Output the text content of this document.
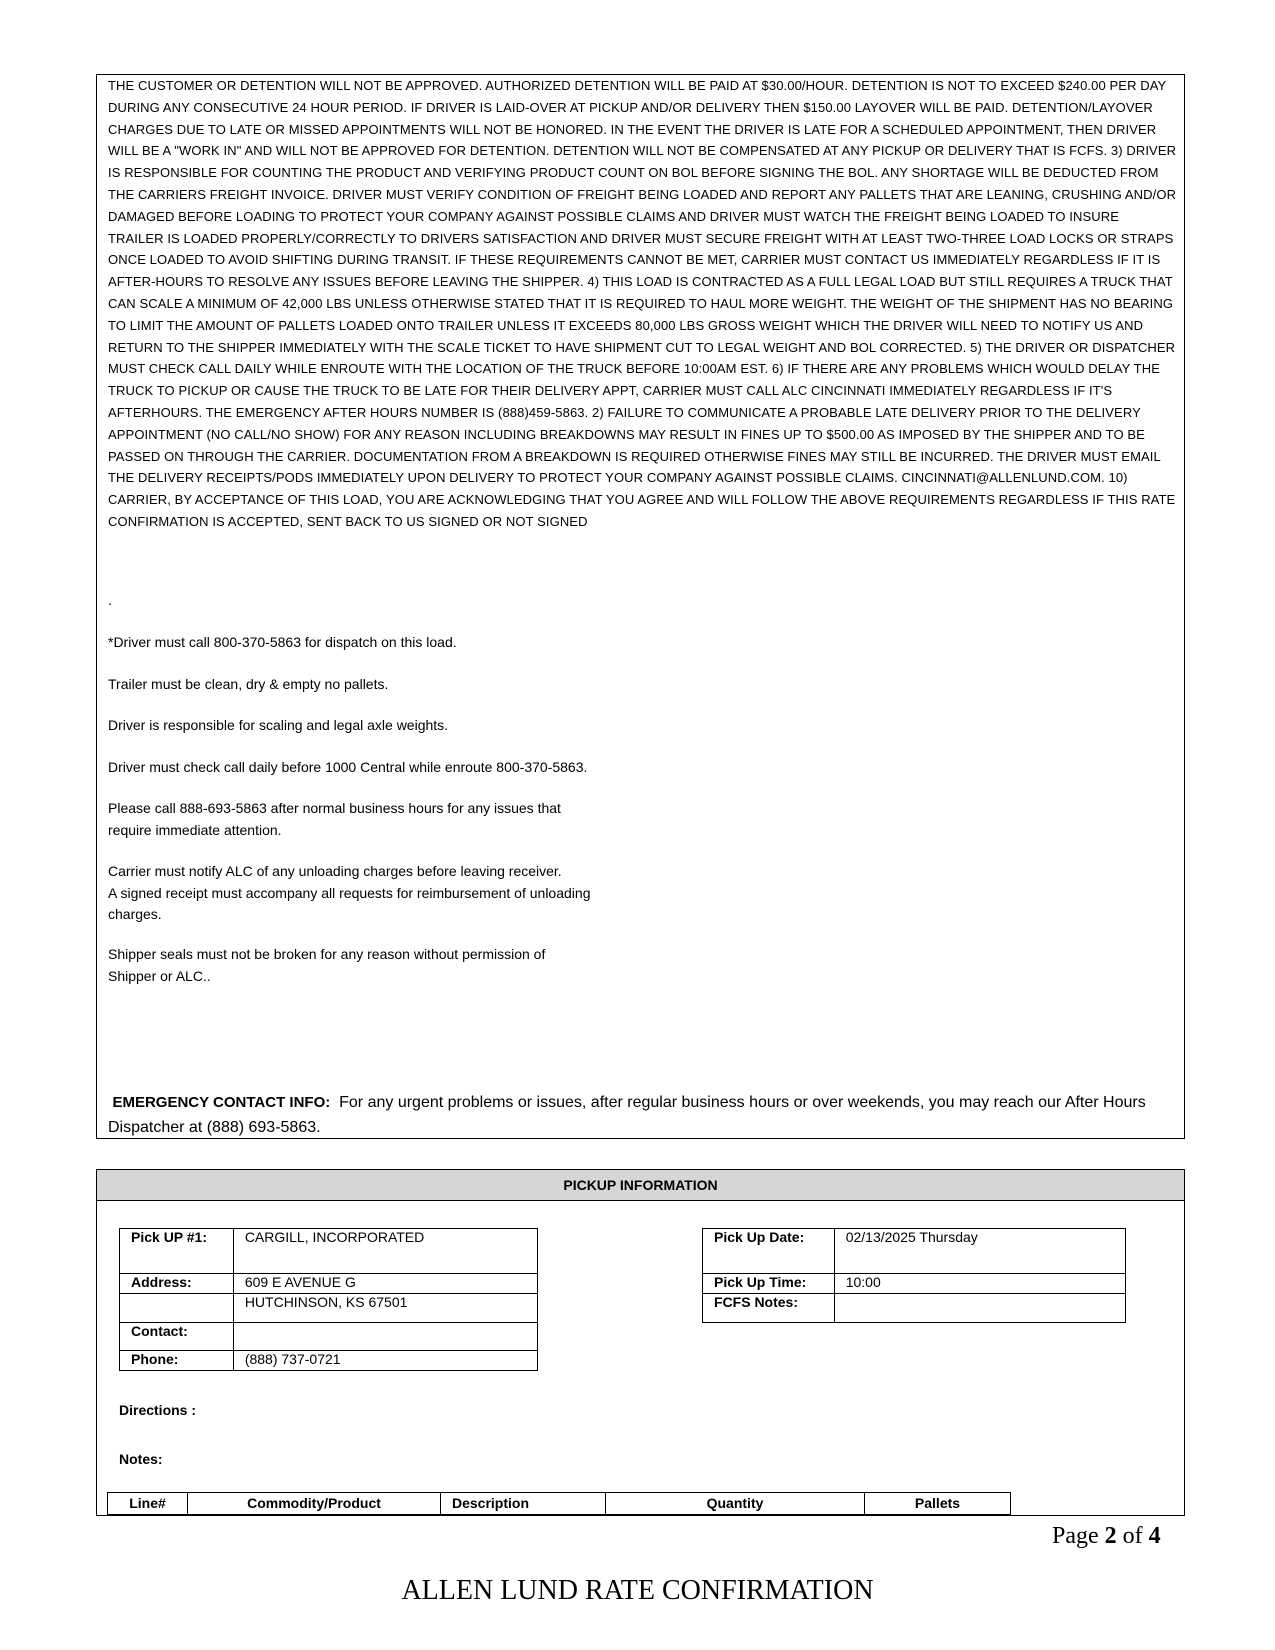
THE CUSTOMER OR DETENTION WILL NOT BE APPROVED. AUTHORIZED DETENTION WILL BE PAID AT $30.00/HOUR. DETENTION IS NOT TO EXCEED $240.00 PER DAY DURING ANY CONSECUTIVE 24 HOUR PERIOD. IF DRIVER IS LAID-OVER AT PICKUP AND/OR DELIVERY THEN $150.00 LAYOVER WILL BE PAID. DETENTION/LAYOVER CHARGES DUE TO LATE OR MISSED APPOINTMENTS WILL NOT BE HONORED. IN THE EVENT THE DRIVER IS LATE FOR A SCHEDULED APPOINTMENT, THEN DRIVER WILL BE A "WORK IN" AND WILL NOT BE APPROVED FOR DETENTION. DETENTION WILL NOT BE COMPENSATED AT ANY PICKUP OR DELIVERY THAT IS FCFS. 3) DRIVER IS RESPONSIBLE FOR COUNTING THE PRODUCT AND VERIFYING PRODUCT COUNT ON BOL BEFORE SIGNING THE BOL. ANY SHORTAGE WILL BE DEDUCTED FROM THE CARRIERS FREIGHT INVOICE. DRIVER MUST VERIFY CONDITION OF FREIGHT BEING LOADED AND REPORT ANY PALLETS THAT ARE LEANING, CRUSHING AND/OR DAMAGED BEFORE LOADING TO PROTECT YOUR COMPANY AGAINST POSSIBLE CLAIMS AND DRIVER MUST WATCH THE FREIGHT BEING LOADED TO INSURE TRAILER IS LOADED PROPERLY/CORRECTLY TO DRIVERS SATISFACTION AND DRIVER MUST SECURE FREIGHT WITH AT LEAST TWO-THREE LOAD LOCKS OR STRAPS ONCE LOADED TO AVOID SHIFTING DURING TRANSIT. IF THESE REQUIREMENTS CANNOT BE MET, CARRIER MUST CONTACT US IMMEDIATELY REGARDLESS IF IT IS AFTER-HOURS TO RESOLVE ANY ISSUES BEFORE LEAVING THE SHIPPER. 4) THIS LOAD IS CONTRACTED AS A FULL LEGAL LOAD BUT STILL REQUIRES A TRUCK THAT CAN SCALE A MINIMUM OF 42,000 LBS UNLESS OTHERWISE STATED THAT IT IS REQUIRED TO HAUL MORE WEIGHT. THE WEIGHT OF THE SHIPMENT HAS NO BEARING TO LIMIT THE AMOUNT OF PALLETS LOADED ONTO TRAILER UNLESS IT EXCEEDS 80,000 LBS GROSS WEIGHT WHICH THE DRIVER WILL NEED TO NOTIFY US AND RETURN TO THE SHIPPER IMMEDIATELY WITH THE SCALE TICKET TO HAVE SHIPMENT CUT TO LEGAL WEIGHT AND BOL CORRECTED. 5) THE DRIVER OR DISPATCHER MUST CHECK CALL DAILY WHILE ENROUTE WITH THE LOCATION OF THE TRUCK BEFORE 10:00AM EST. 6) IF THERE ARE ANY PROBLEMS WHICH WOULD DELAY THE TRUCK TO PICKUP OR CAUSE THE TRUCK TO BE LATE FOR THEIR DELIVERY APPT, CARRIER MUST CALL ALC CINCINNATI IMMEDIATELY REGARDLESS IF IT'S AFTERHOURS. THE EMERGENCY AFTER HOURS NUMBER IS (888)459-5863. 2) FAILURE TO COMMUNICATE A PROBABLE LATE DELIVERY PRIOR TO THE DELIVERY APPOINTMENT (NO CALL/NO SHOW) FOR ANY REASON INCLUDING BREAKDOWNS MAY RESULT IN FINES UP TO $500.00 AS IMPOSED BY THE SHIPPER AND TO BE PASSED ON THROUGH THE CARRIER. DOCUMENTATION FROM A BREAKDOWN IS REQUIRED OTHERWISE FINES MAY STILL BE INCURRED. THE DRIVER MUST EMAIL THE DELIVERY RECEIPTS/PODS IMMEDIATELY UPON DELIVERY TO PROTECT YOUR COMPANY AGAINST POSSIBLE CLAIMS. CINCINNATI@ALLENLUND.COM. 10) CARRIER, BY ACCEPTANCE OF THIS LOAD, YOU ARE ACKNOWLEDGING THAT YOU AGREE AND WILL FOLLOW THE ABOVE REQUIREMENTS REGARDLESS IF THIS RATE CONFIRMATION IS ACCEPTED, SENT BACK TO US SIGNED OR NOT SIGNED
.
*Driver must call 800-370-5863 for dispatch on this load.
Trailer must be clean, dry & empty no pallets.
Driver is responsible for scaling and legal axle weights.
Driver must check call daily before 1000 Central while enroute 800-370-5863.
Please call 888-693-5863 after normal business hours for any issues that
require immediate attention.
Carrier must notify ALC of any unloading charges before leaving receiver.
A signed receipt must accompany all requests for reimbursement of unloading
charges.
Shipper seals must not be broken for any reason without permission of
Shipper or ALC..
EMERGENCY CONTACT INFO: For any urgent problems or issues, after regular business hours or over weekends, you may reach our After Hours Dispatcher at (888) 693-5863.
PICKUP INFORMATION
Pick UP #1:	CARGILL, INCORPORATED
Address:	609 E AVENUE G
	HUTCHINSON, KS 67501
Contact:	
Phone:	(888) 737-0721
Pick Up Date:	02/13/2025 Thursday
Pick Up Time:	10:00
FCFS Notes:	
Directions :
Notes:
Line#	Commodity/Product	Description	Quantity	Pallets
Page 2 of 4
ALLEN LUND RATE CONFIRMATION
